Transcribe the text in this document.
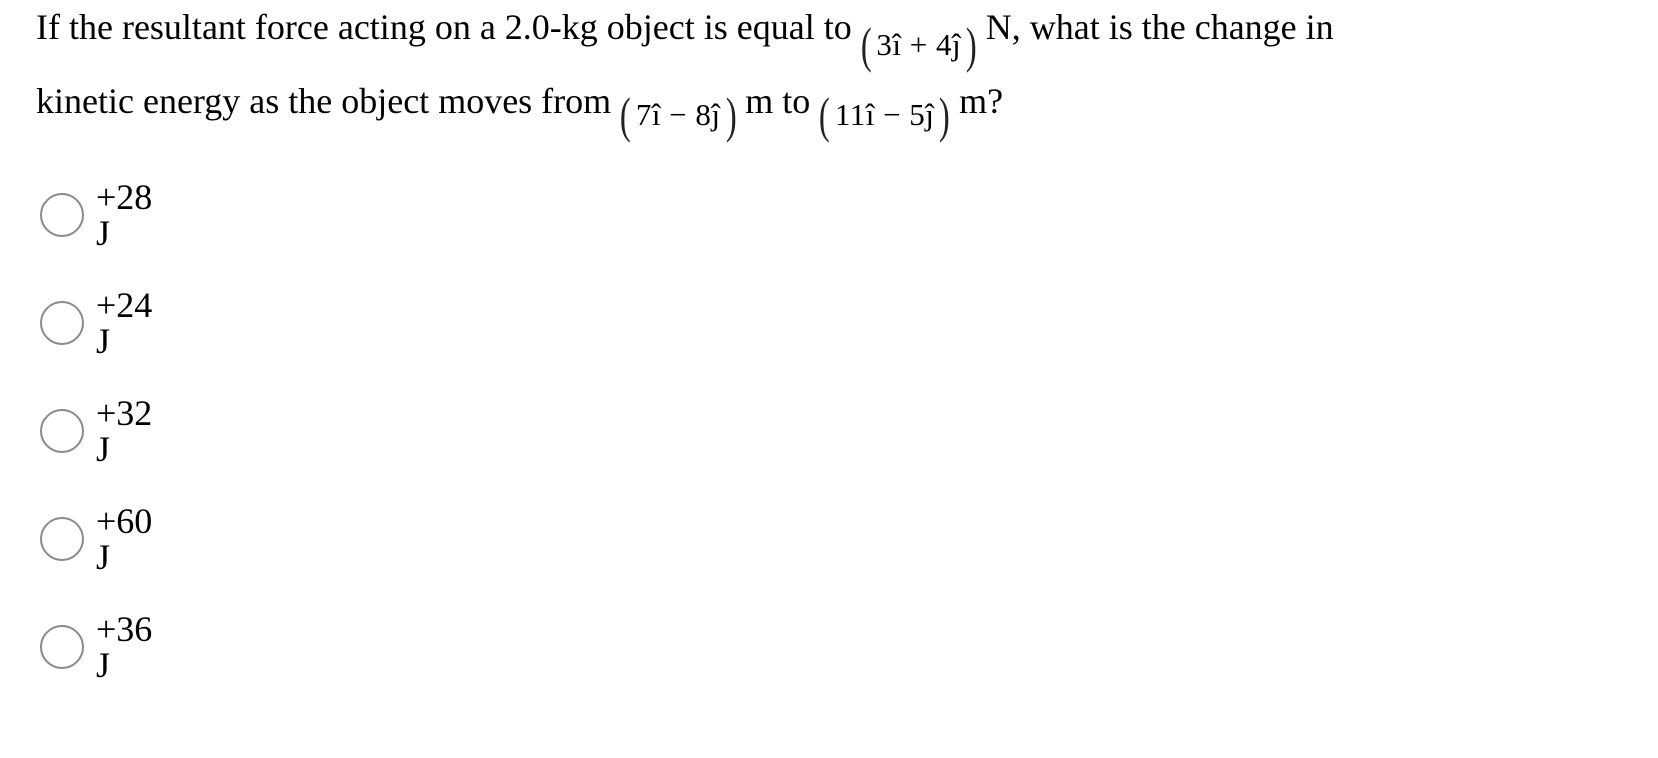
If the resultant force acting on a 2.0-kg object is equal to ( 3î + 4ĵ ) N, what is the change in
kinetic energy as the object moves from ( 7î − 8ĵ ) m to ( 11î − 5ĵ ) m?
+28 J
+24 J
+32 J
+60 J
+36 J
